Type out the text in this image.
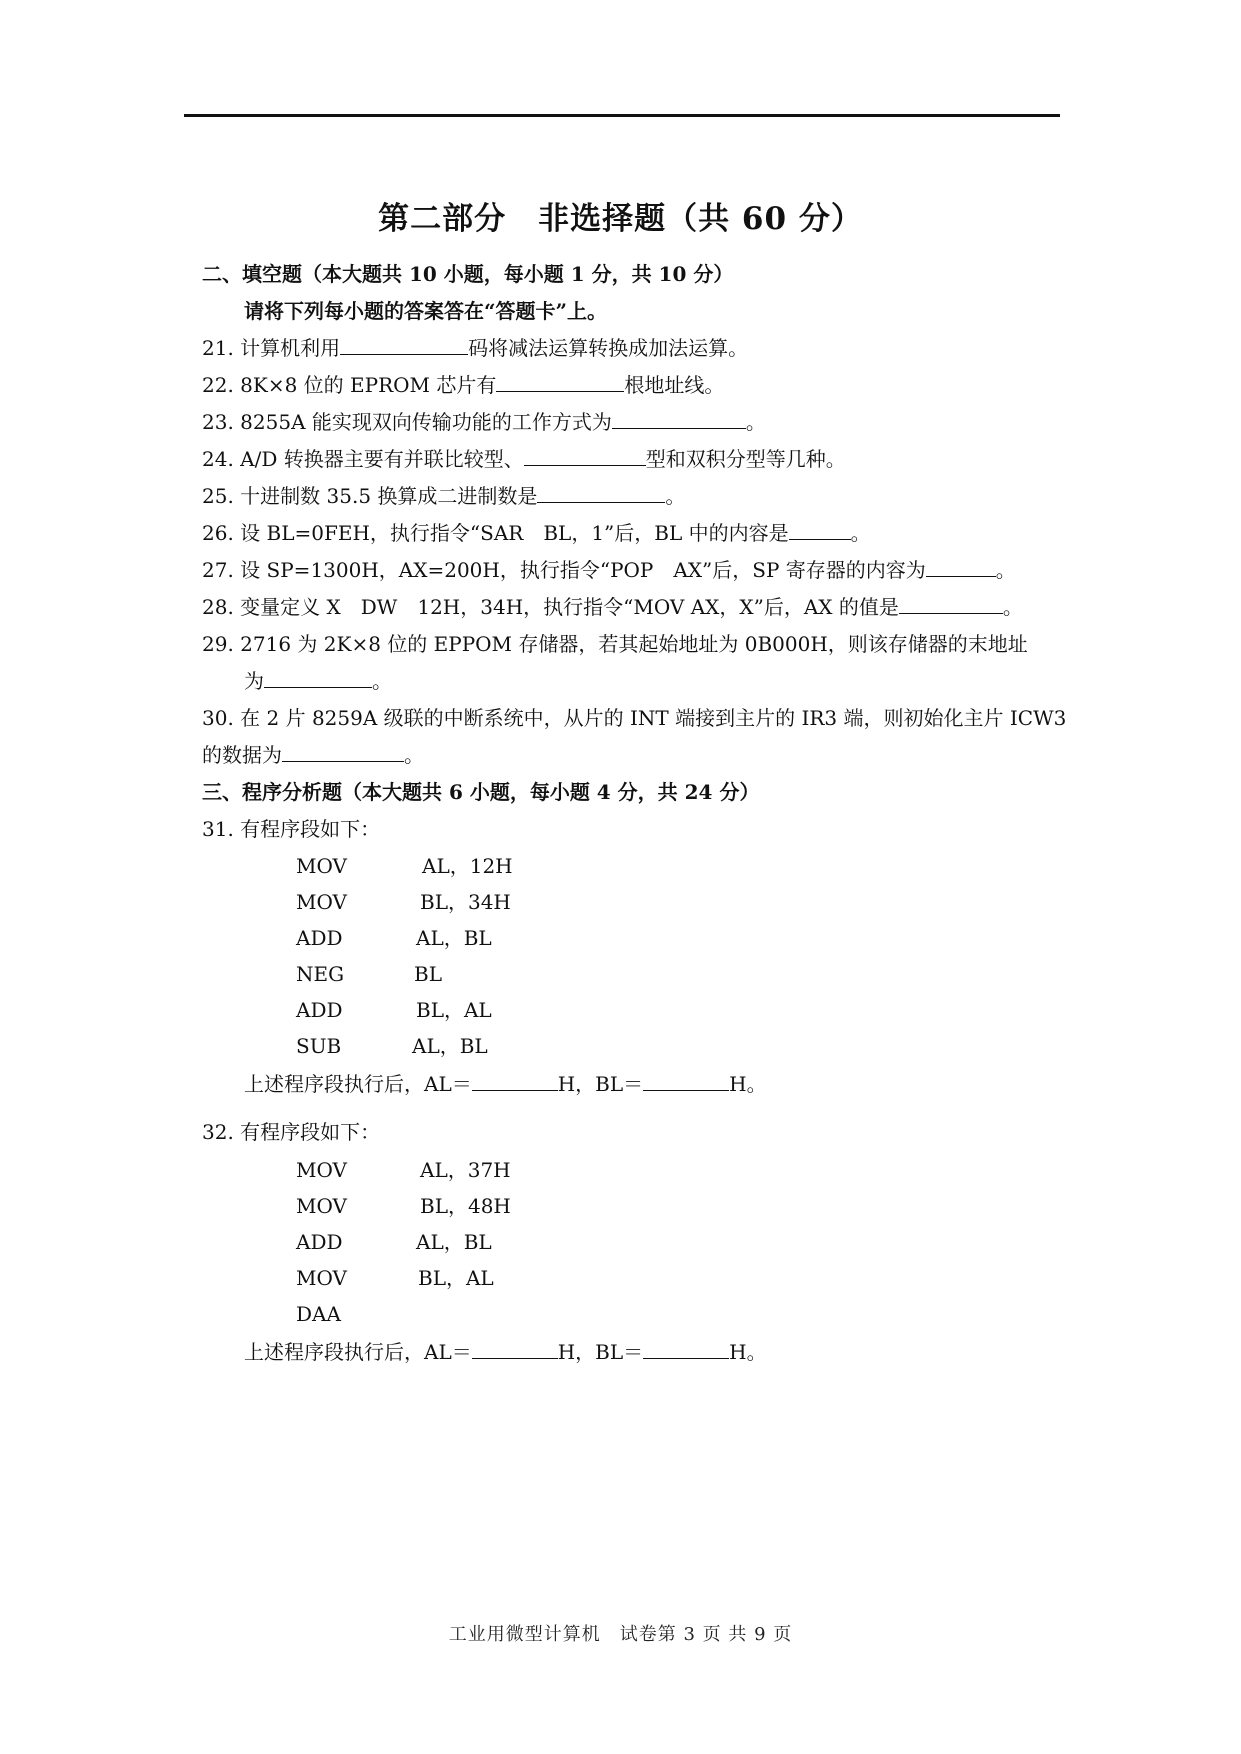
第二部分　非选择题（共 60 分）
二、填空题（本大题共 10 小题，每小题 1 分，共 10 分）
请将下列每小题的答案答在“答题卡”上。
21. 计算机利用	码将减法运算转换成加法运算。
22. 8K×8 位的 EPROM 芯片有	根地址线。
23. 8255A 能实现双向传输功能的工作方式为	。
24. A/D 转换器主要有并联比较型、	型和双积分型等几种。
25. 十进制数 35.5 换算成二进制数是	。
26. 设 BL=0FEH，执行指令“SAR　BL，1”后，BL 中的内容是	。
27. 设 SP=1300H，AX=200H，执行指令“POP　AX”后，SP 寄存器的内容为	。
28. 变量定义 X　DW　12H，34H，执行指令“MOV AX，X”后，AX 的值是	。
29. 2716 为 2K×8 位的 EPPOM 存储器，若其起始地址为 0B000H，则该存储器的末地址
为	。
30. 在 2 片 8259A 级联的中断系统中，从片的 INT 端接到主片的 IR3 端，则初始化主片 ICW3
的数据为	。
三、程序分析题（本大题共 6 小题，每小题 4 分，共 24 分）
31. 有程序段如下：
MOV	AL，12H
MOV	BL，34H
ADD	AL，BL
NEG	BL
ADD	BL，AL
SUB	AL，BL
上述程序段执行后，AL＝	H，BL＝	H。
32. 有程序段如下：
MOV	AL，37H
MOV	BL，48H
ADD	AL，BL
MOV	BL，AL
DAA
上述程序段执行后，AL＝	H，BL＝	H。
工业用微型计算机　试卷第 3 页 共 9 页
